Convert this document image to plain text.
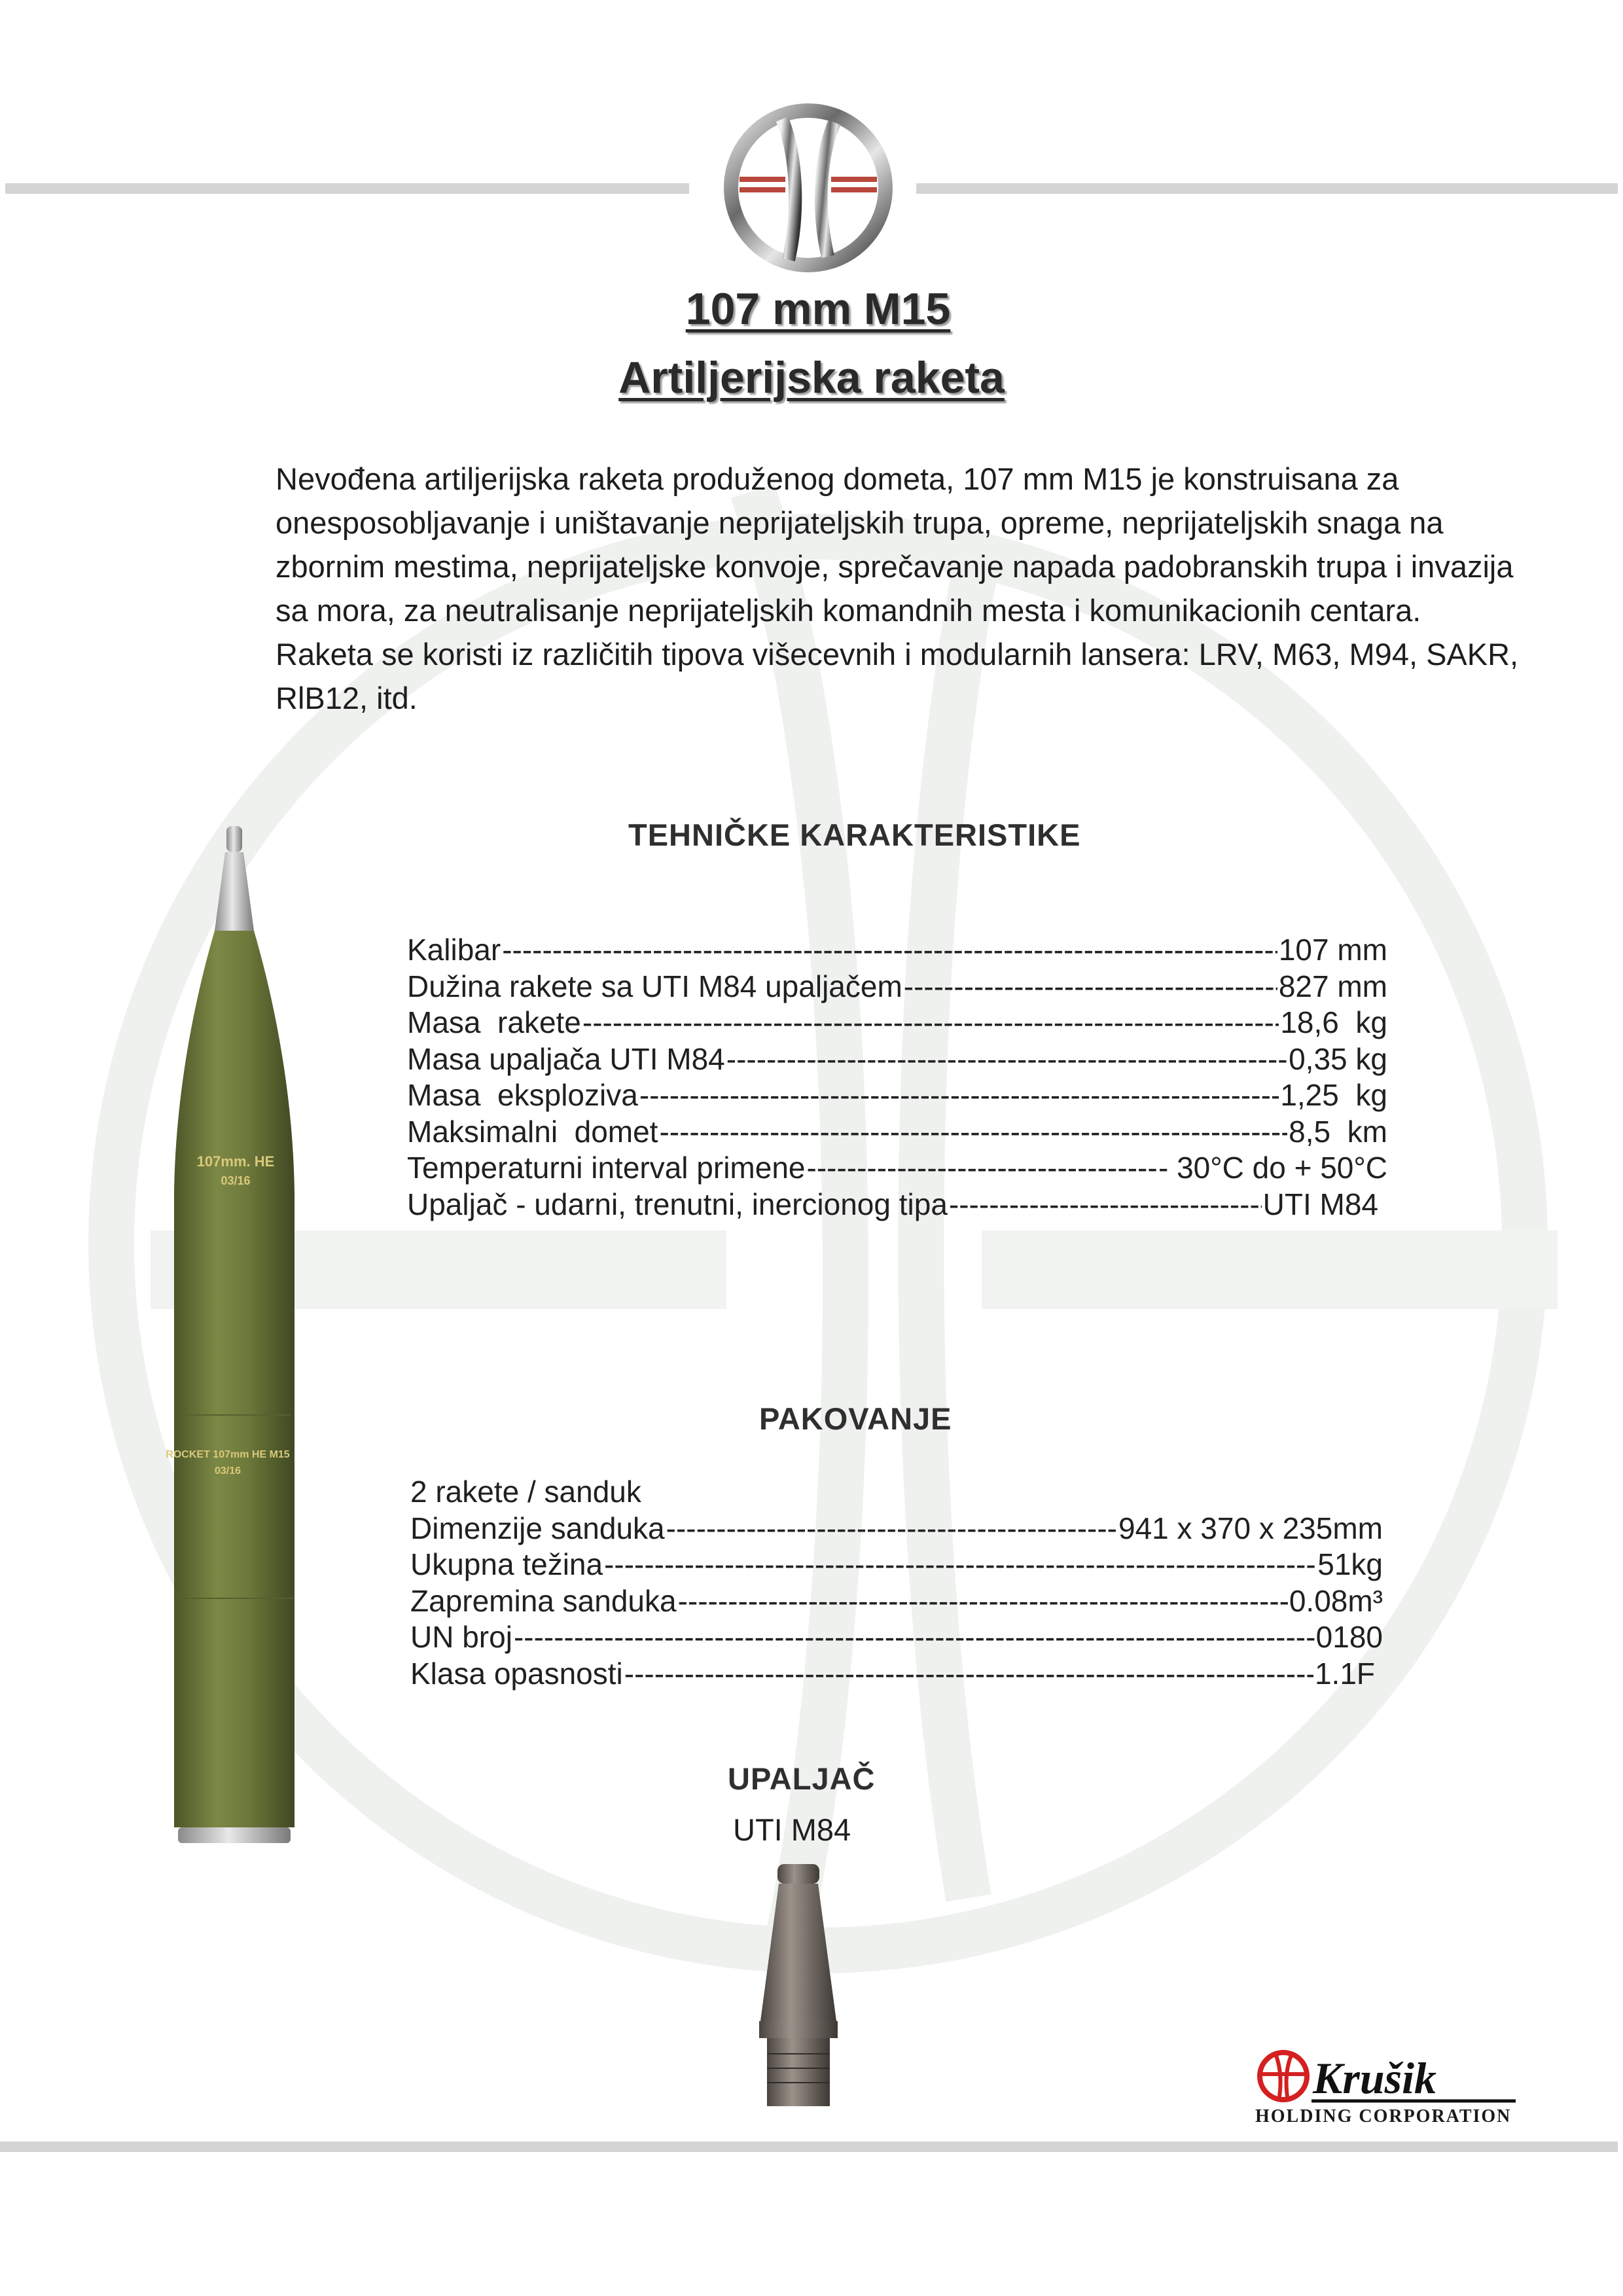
107 mm M15
Artiljerijska raketa

Nevođena artiljerijska raketa produženog dometa, 107 mm M15 je konstruisana za onesposobljavanje i uništavanje neprijateljskih trupa, opreme, neprijateljskih snaga na zbornim mestima, neprijateljske konvoje, sprečavanje napada padobranskih trupa i invazija sa mora, za neutralisanje neprijateljskih komandnih mesta i komunikacionih centara.

Raketa se koristi iz različitih tipova višecevnih i modularnih lansera: LRV, M63, M94, SAKR, RlB12, itd.

TEHNIČKE KARAKTERISTIKE
Kalibar -----	107 mm
Dužina rakete sa UTI M84 upaljačem -----	827 mm
Masa  rakete -----	18,6  kg
Masa upaljača UTI M84 -----	0,35 kg
Masa  eksploziva -----	1,25  kg
Maksimalni  domet -----	8,5  km
Temperaturni interval primene -----	- 30°C do + 50°C
Upaljač - udarni, trenutni, inercionog tipa -----	UTI M84
PAKOVANJE
2 rakete / sanduk
Dimenzije sanduka -----	941 x 370 x 235mm
Ukupna težina -----	51kg
Zapremina sanduka -----	0.08m³
UN broj -----	0180
Klasa opasnosti -----	1.1F
UPALJAČ
UTI M84
107mm. HE
03/16
ROCKET 107mm HE M15
03/16
Krušik
HOLDING CORPORATION
